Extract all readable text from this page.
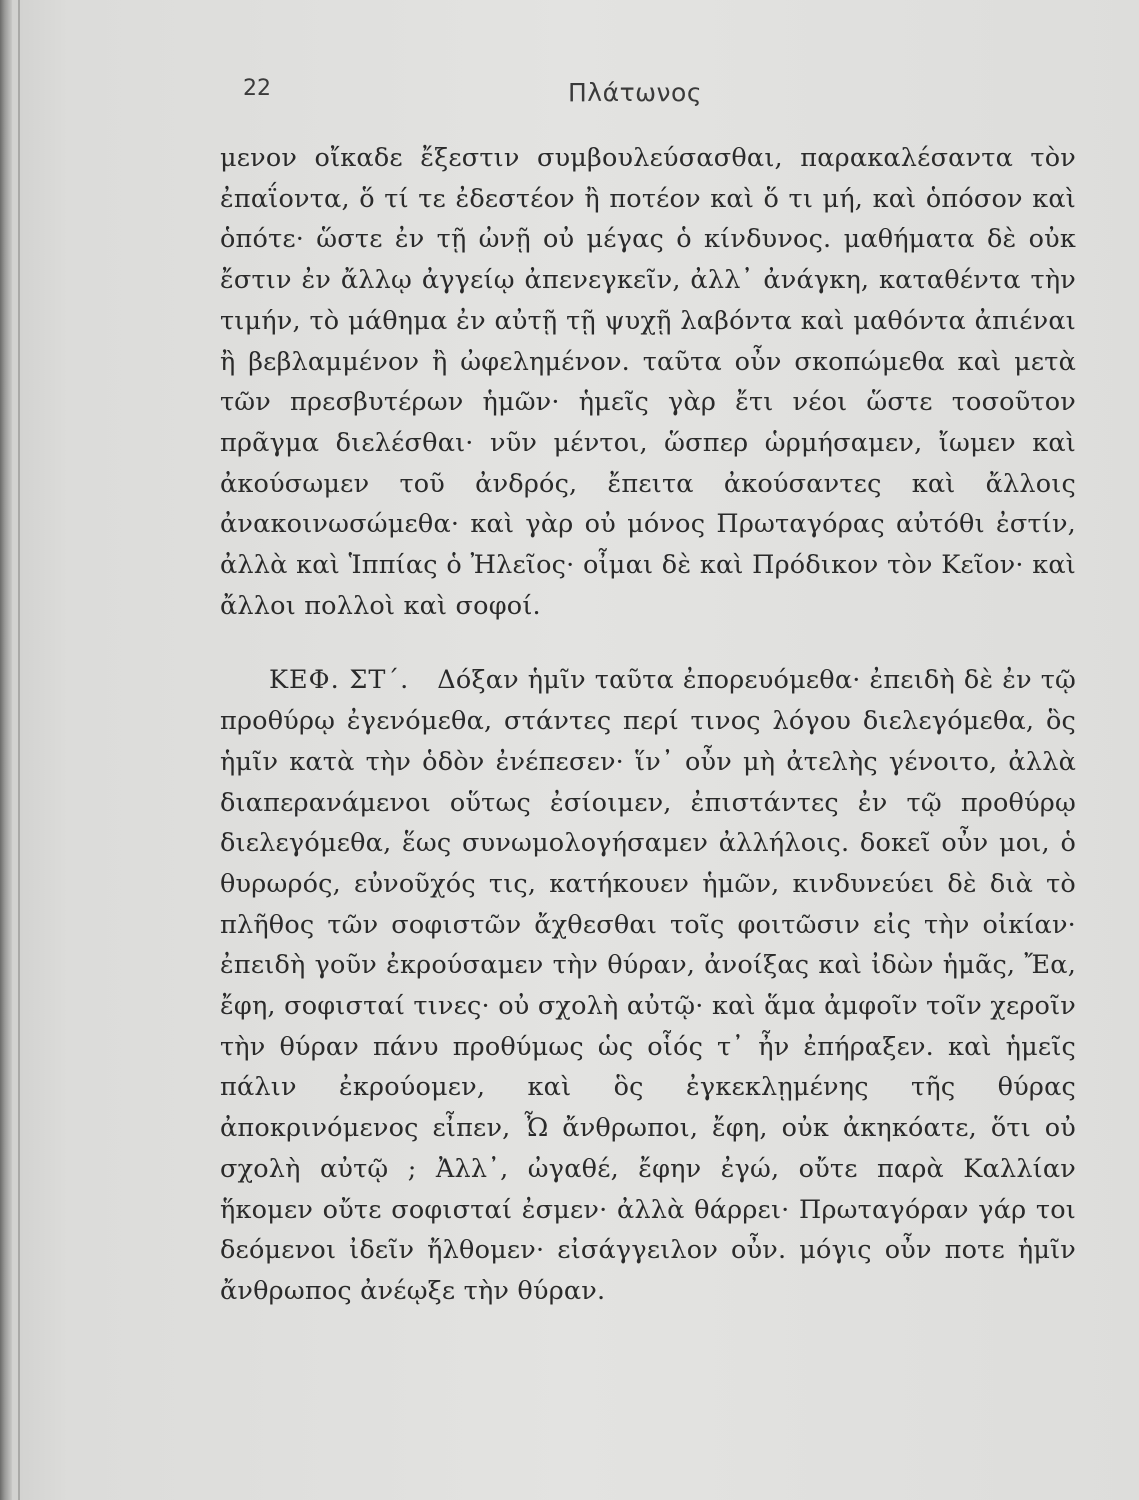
22	Πλάτωνος

μενον οἴκαδε ἔξεστιν συμβουλεύσασθαι, παρακαλέσαντα τὸν ἐπαΐοντα, ὅ τί τε ἐδεστέον ἢ ποτέον καὶ ὅ τι μή, καὶ ὁπόσον καὶ ὁπότε· ὥστε ἐν τῇ ὠνῇ οὐ μέγας ὁ κίνδυνος. μαθήματα δὲ οὐκ ἔστιν ἐν ἄλλῳ ἀγγείῳ ἀπενεγκεῖν, ἀλλ᾽ ἀνάγκη, καταθέντα τὴν τιμήν, τὸ μάθημα ἐν αὐτῇ τῇ ψυχῇ λαβόντα καὶ μαθόντα ἀπιέναι ἢ βεβλαμμένον ἢ ὠφελημένον. ταῦτα οὖν σκοπώμεθα καὶ μετὰ τῶν πρεσβυτέρων ἡμῶν· ἡμεῖς γὰρ ἔτι νέοι ὥστε τοσοῦτον πρᾶγμα διελέσθαι· νῦν μέντοι, ὥσπερ ὡρμήσαμεν, ἴωμεν καὶ ἀκούσωμεν τοῦ ἀνδρός, ἔπειτα ἀκούσαντες καὶ ἄλλοις ἀνακοινωσώμεθα· καὶ γὰρ οὐ μόνος Πρωταγόρας αὐτόθι ἐστίν, ἀλλὰ καὶ Ἱππίας ὁ Ἠλεῖος· οἶμαι δὲ καὶ Πρόδικον τὸν Κεῖον· καὶ ἄλλοι πολλοὶ καὶ σοφοί.

ΚΕΦ. ΣΤ΄. Δόξαν ἡμῖν ταῦτα ἐπορευόμεθα· ἐπειδὴ δὲ ἐν τῷ προθύρῳ ἐγενόμεθα, στάντες περί τινος λόγου διελεγόμεθα, ὃς ἡμῖν κατὰ τὴν ὁδὸν ἐνέπεσεν· ἵν᾽ οὖν μὴ ἀτελὴς γένοιτο, ἀλλὰ διαπερανάμενοι οὕτως ἐσίοιμεν, ἐπιστάντες ἐν τῷ προθύρῳ διελεγόμεθα, ἕως συνωμολογήσαμεν ἀλλήλοις. δοκεῖ οὖν μοι, ὁ θυρωρός, εὐνοῦχός τις, κατήκουεν ἡμῶν, κινδυνεύει δὲ διὰ τὸ πλῆθος τῶν σοφιστῶν ἄχθεσθαι τοῖς φοιτῶσιν εἰς τὴν οἰκίαν· ἐπειδὴ γοῦν ἐκρούσαμεν τὴν θύραν, ἀνοίξας καὶ ἰδὼν ἡμᾶς, Ἔα, ἔφη, σοφισταί τινες· οὐ σχολὴ αὐτῷ· καὶ ἅμα ἀμφοῖν τοῖν χεροῖν τὴν θύραν πάνυ προθύμως ὡς οἷός τ᾽ ἦν ἐπήραξεν. καὶ ἡμεῖς πάλιν ἐκρούομεν, καὶ ὃς ἐγκεκλῃμένης τῆς θύρας ἀποκρινόμενος εἶπεν, Ὦ ἄνθρωποι, ἔφη, οὐκ ἀκηκόατε, ὅτι οὐ σχολὴ αὐτῷ ; Ἀλλ᾽, ὠγαθέ, ἔφην ἐγώ, οὔτε παρὰ Καλλίαν ἥκομεν οὔτε σοφισταί ἐσμεν· ἀλλὰ θάρρει· Πρωταγόραν γάρ τοι δεόμενοι ἰδεῖν ἤλθομεν· εἰσάγγειλον οὖν. μόγις οὖν ποτε ἡμῖν ἄνθρωπος ἀνέῳξε τὴν θύραν.
